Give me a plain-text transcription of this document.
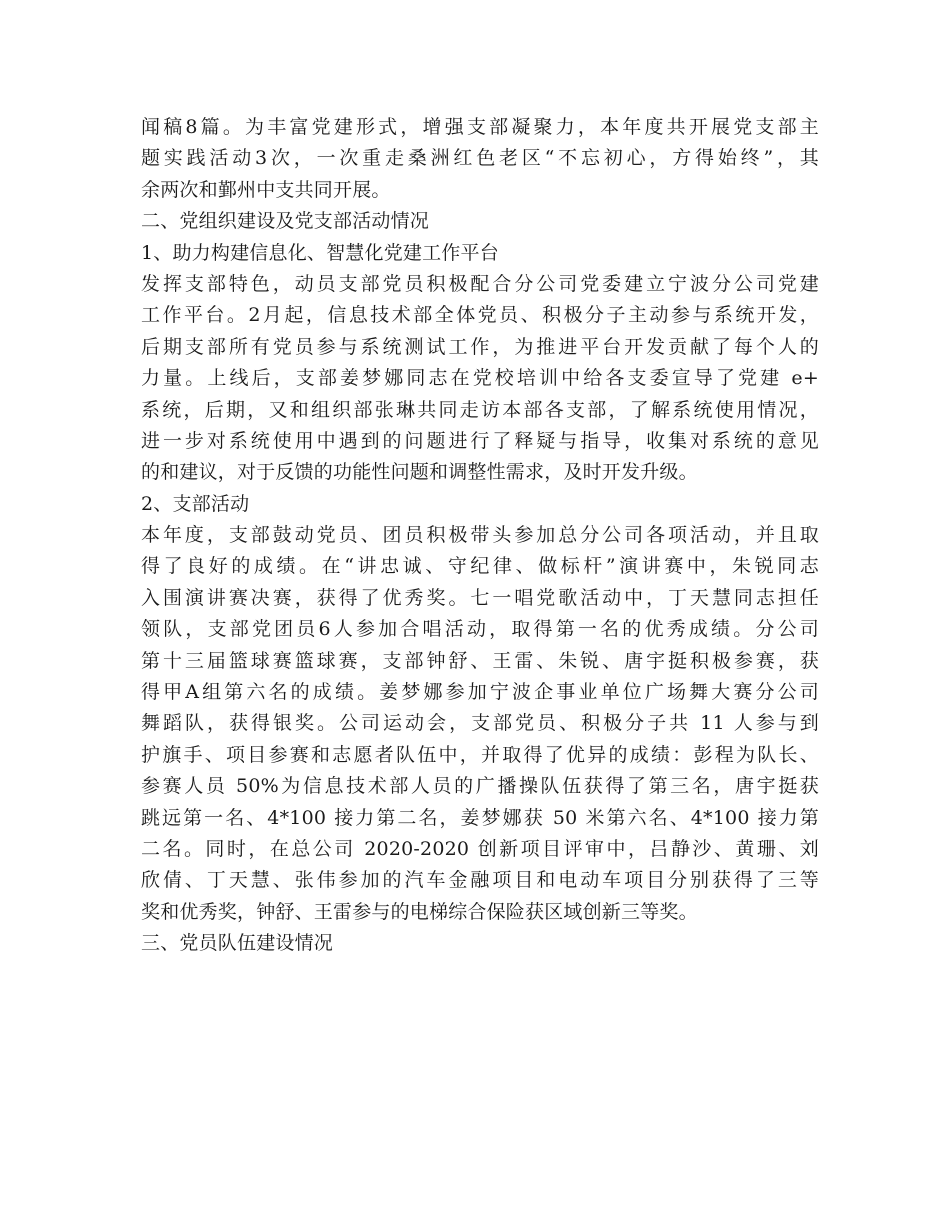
闻稿8篇。为丰富党建形式，增强支部凝聚力，本年度共开展党支部主
题实践活动3次，一次重走桑洲红色老区“不忘初心，方得始终”，其
余两次和鄞州中支共同开展。
二、党组织建设及党支部活动情况
1、助力构建信息化、智慧化党建工作平台
发挥支部特色，动员支部党员积极配合分公司党委建立宁波分公司党建
工作平台。2月起，信息技术部全体党员、积极分子主动参与系统开发，
后期支部所有党员参与系统测试工作，为推进平台开发贡献了每个人的
力量。上线后，支部姜梦娜同志在党校培训中给各支委宣导了党建 e+
系统，后期，又和组织部张琳共同走访本部各支部，了解系统使用情况，
进一步对系统使用中遇到的问题进行了释疑与指导，收集对系统的意见
的和建议，对于反馈的功能性问题和调整性需求，及时开发升级。
2、支部活动
本年度，支部鼓动党员、团员积极带头参加总分公司各项活动，并且取
得了良好的成绩。在“讲忠诚、守纪律、做标杆”演讲赛中，朱锐同志
入围演讲赛决赛，获得了优秀奖。七一唱党歌活动中，丁天慧同志担任
领队，支部党团员6人参加合唱活动，取得第一名的优秀成绩。分公司
第十三届篮球赛篮球赛，支部钟舒、王雷、朱锐、唐宇挺积极参赛，获
得甲A组第六名的成绩。姜梦娜参加宁波企事业单位广场舞大赛分公司
舞蹈队，获得银奖。公司运动会，支部党员、积极分子共 11 人参与到
护旗手、项目参赛和志愿者队伍中，并取得了优异的成绩：彭程为队长、
参赛人员 50%为信息技术部人员的广播操队伍获得了第三名，唐宇挺获
跳远第一名、4*100 接力第二名，姜梦娜获 50 米第六名、4*100 接力第
二名。同时，在总公司 2020-2020 创新项目评审中，吕静沙、黄珊、刘
欣倩、丁天慧、张伟参加的汽车金融项目和电动车项目分别获得了三等
奖和优秀奖，钟舒、王雷参与的电梯综合保险获区域创新三等奖。
三、党员队伍建设情况
